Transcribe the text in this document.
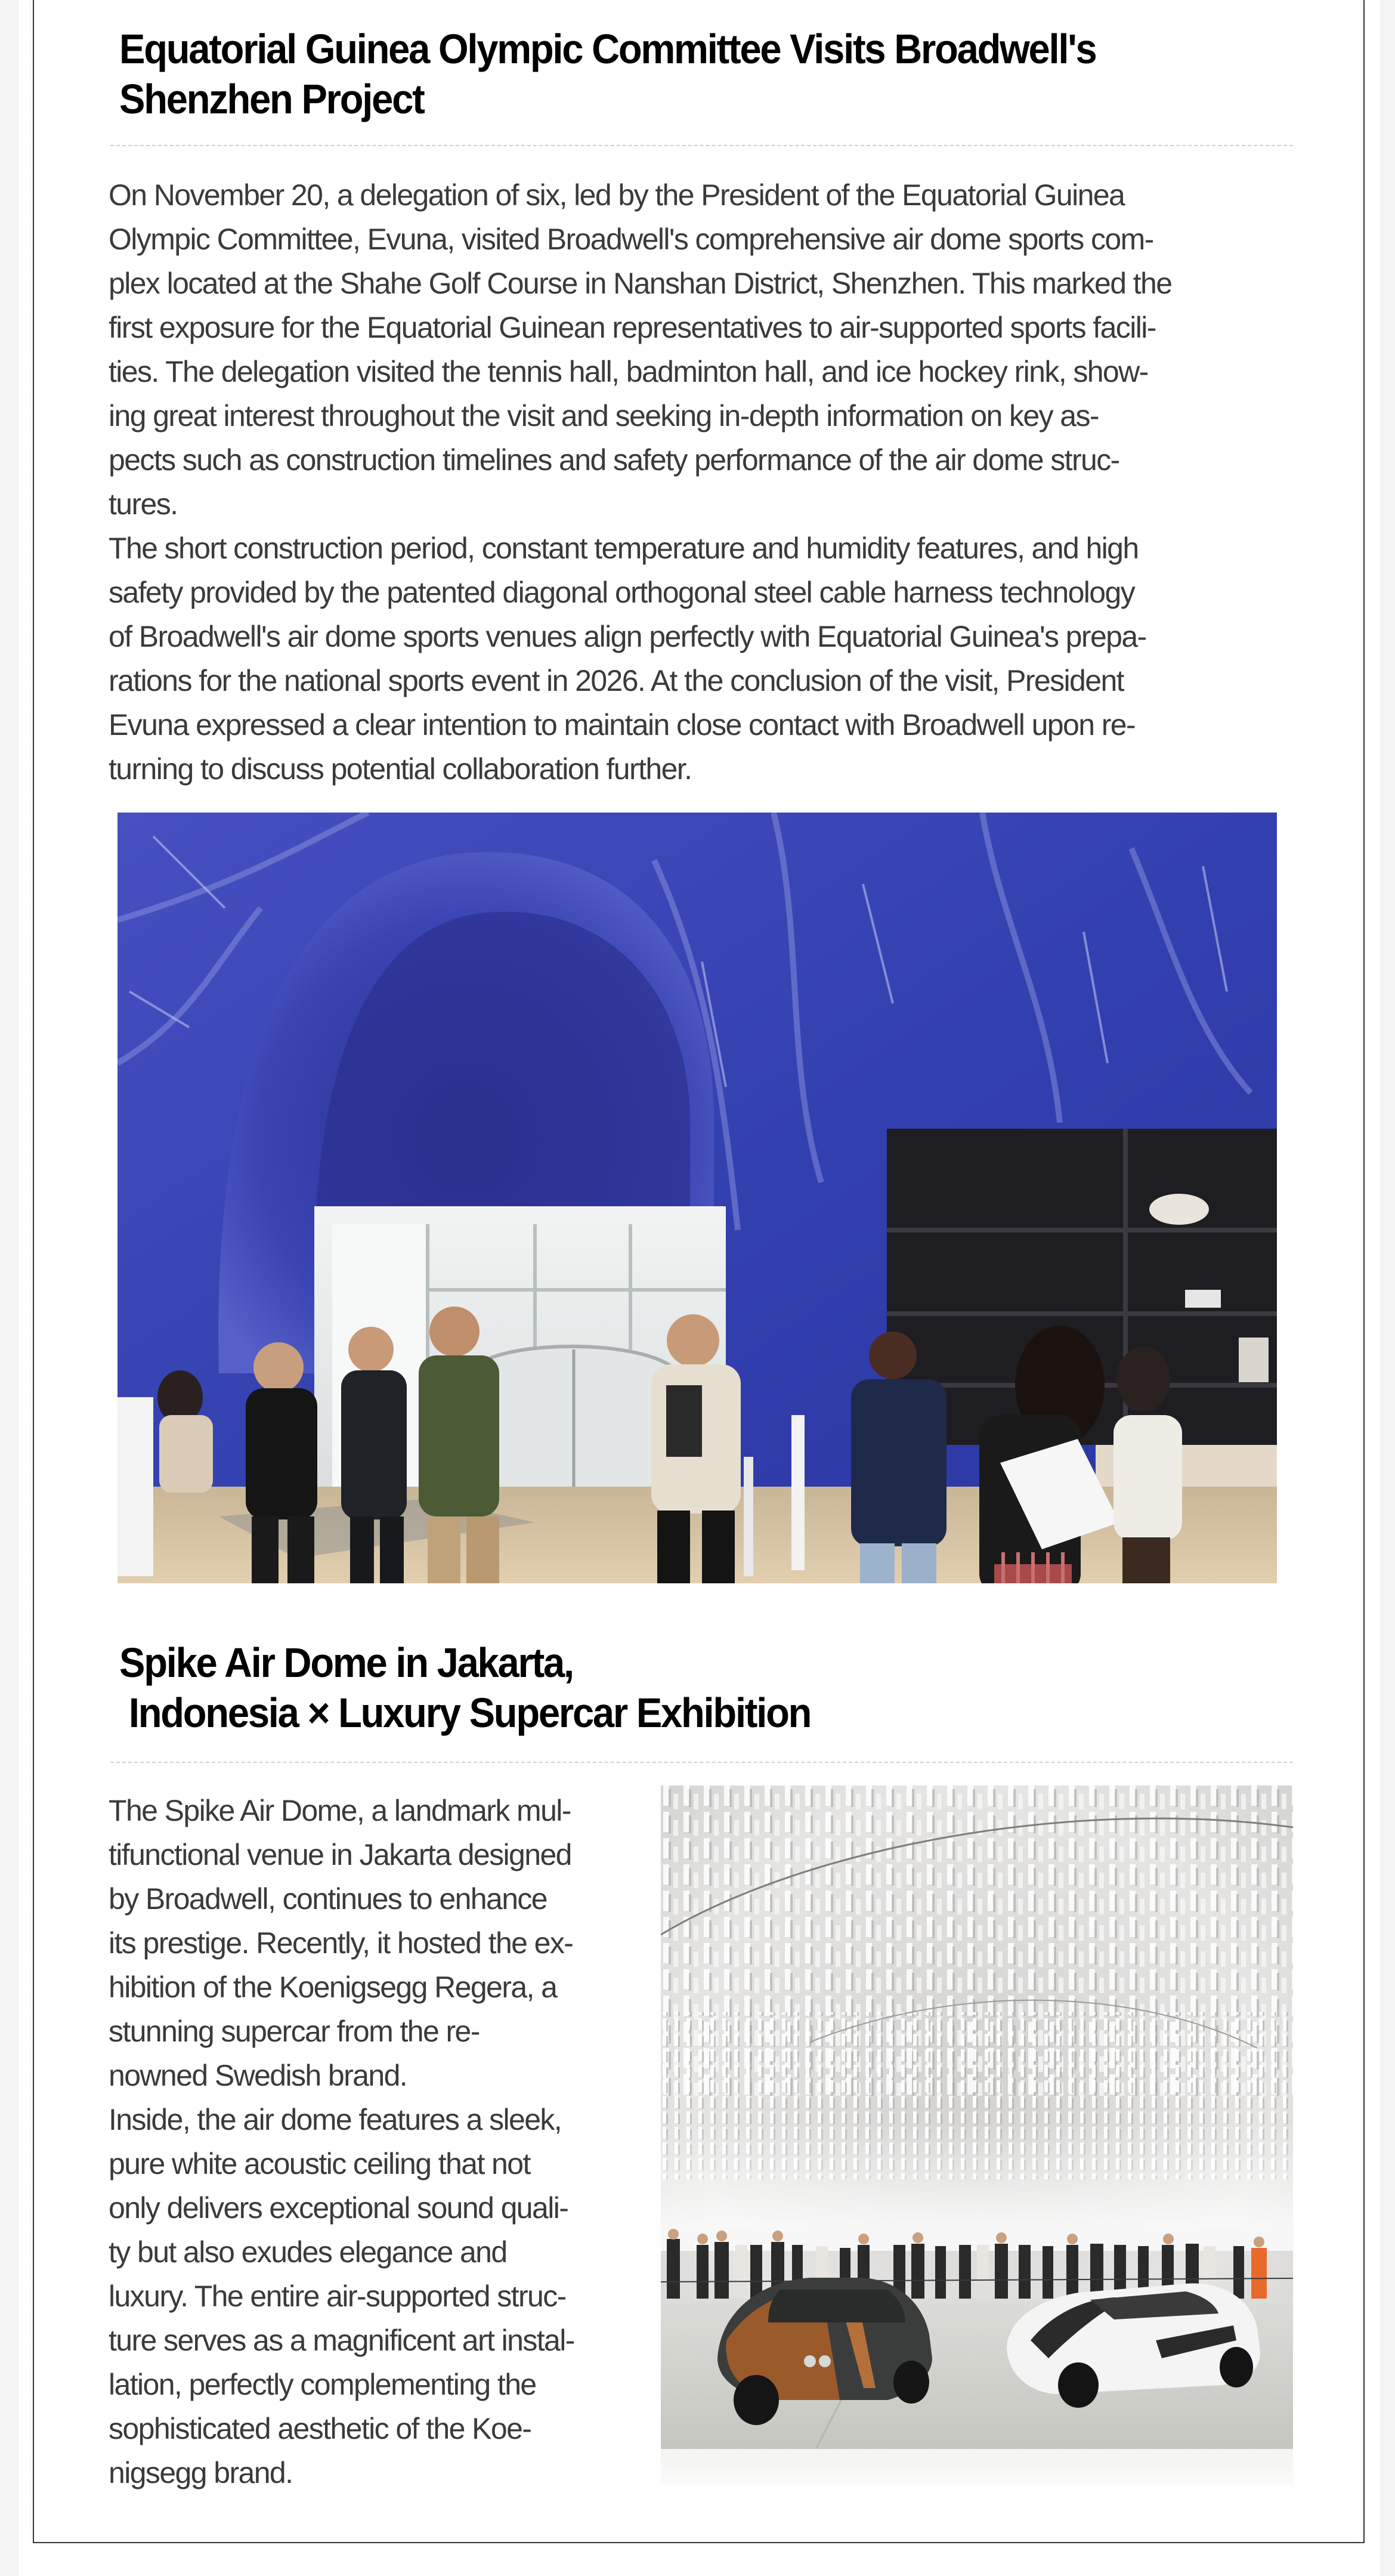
Equatorial Guinea Olympic Committee Visits Broadwell's
Shenzhen Project
On November 20, a delegation of six, led by the President of the Equatorial Guinea
Olympic Committee, Evuna, visited Broadwell's comprehensive air dome sports com-
plex located at the Shahe Golf Course in Nanshan District, Shenzhen. This marked the
first exposure for the Equatorial Guinean representatives to air-supported sports facili-
ties. The delegation visited the tennis hall, badminton hall, and ice hockey rink, show-
ing great interest throughout the visit and seeking in-depth information on key as-
pects such as construction timelines and safety performance of the air dome struc-
tures.
The short construction period, constant temperature and humidity features, and high
safety provided by the patented diagonal orthogonal steel cable harness technology
of Broadwell's air dome sports venues align perfectly with Equatorial Guinea's prepa-
rations for the national sports event in 2026. At the conclusion of the visit, President
Evuna expressed a clear intention to maintain close contact with Broadwell upon re-
turning to discuss potential collaboration further.
Spike Air Dome in Jakarta,
Indonesia × Luxury Supercar Exhibition
The Spike Air Dome, a landmark mul-
tifunctional venue in Jakarta designed
by Broadwell, continues to enhance
its prestige. Recently, it hosted the ex-
hibition of the Koenigsegg Regera, a
stunning supercar from the re-
nowned Swedish brand.
Inside, the air dome features a sleek,
pure white acoustic ceiling that not
only delivers exceptional sound quali-
ty but also exudes elegance and
luxury. The entire air-supported struc-
ture serves as a magnificent art instal-
lation, perfectly complementing the
sophisticated aesthetic of the Koe-
nigsegg brand.
